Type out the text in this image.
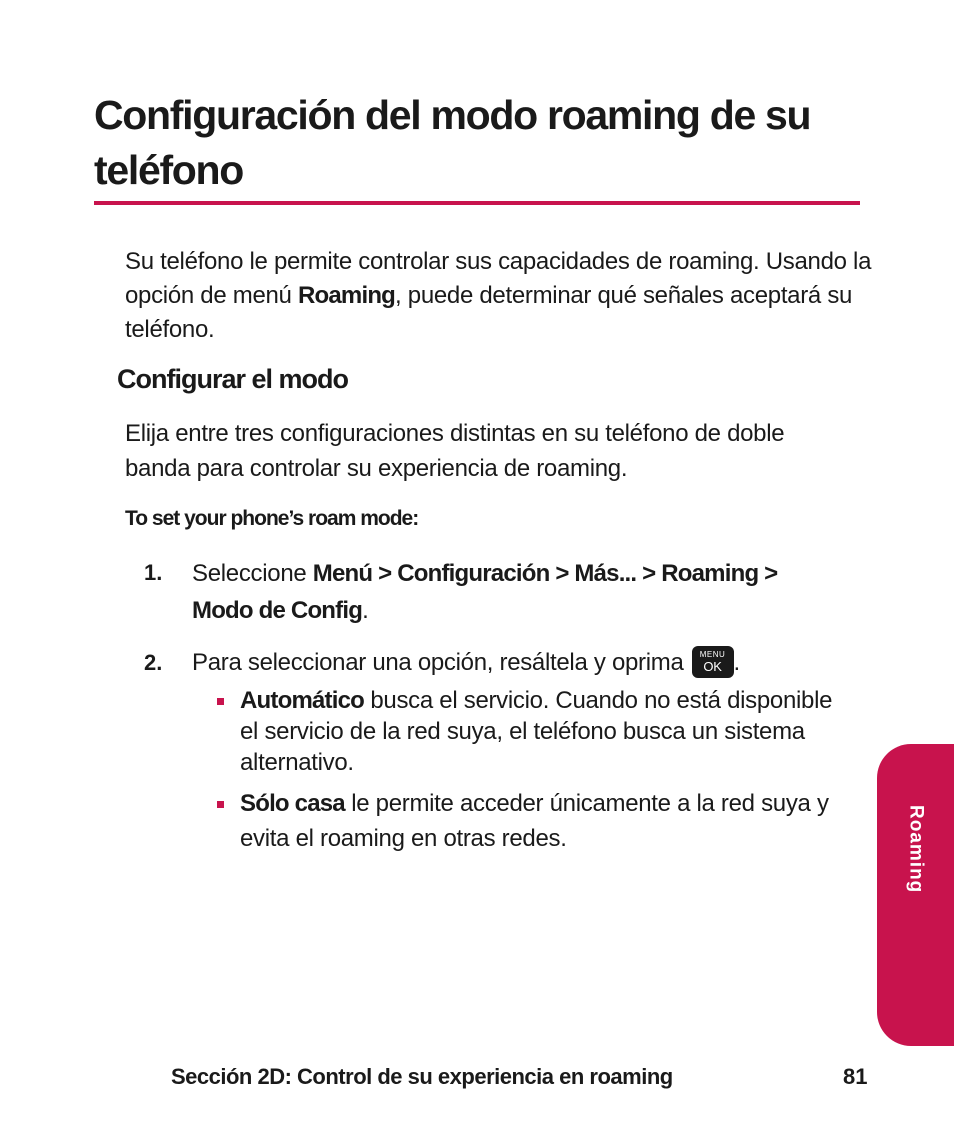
Configuración del modo roaming de su teléfono

Su teléfono le permite controlar sus capacidades de roaming. Usando la opción de menú Roaming, puede determinar qué señales aceptará su teléfono.

Configurar el modo

Elija entre tres configuraciones distintas en su teléfono de doble banda para controlar su experiencia de roaming.

To set your phone’s roam mode:

1. Seleccione Menú > Configuración > Más... > Roaming >
Modo de Config.
2. Para seleccionar una opción, resáltela y oprima	MENU
OK .
Automático busca el servicio. Cuando no está disponible el servicio de la red suya, el teléfono busca un sistema alternativo.
Sólo casa le permite acceder únicamente a la red suya y evita el roaming en otras redes.	Roaming
Sección 2D: Control de su experiencia en roaming	81
